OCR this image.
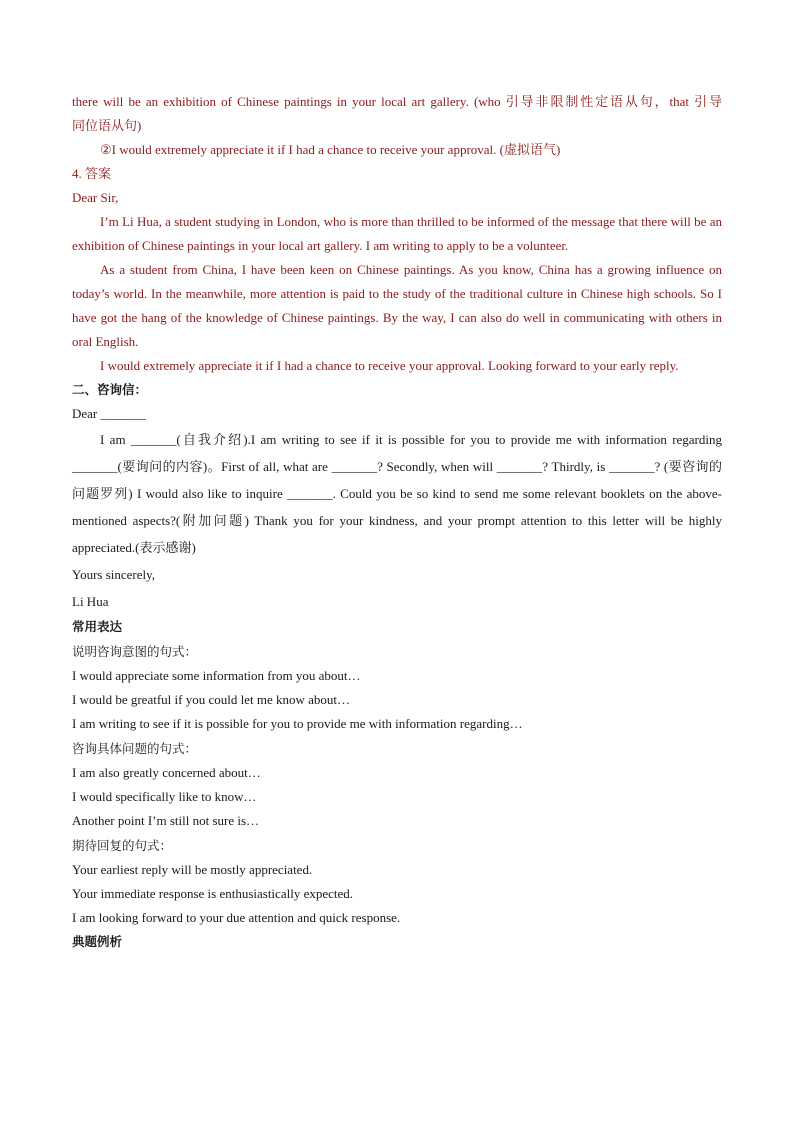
there will be an exhibition of Chinese paintings in your local art gallery. (who 引导非限制性定语从句，that 引导

同位语从句)

②I would extremely appreciate it if I had a chance to receive your approval. (虚拟语气)

4. 答案

Dear Sir,

I’m Li Hua, a student studying in London, who is more than thrilled to be informed of the message that there will be an exhibition of Chinese paintings in your local art gallery. I am writing to apply to be a volunteer.

As a student from China, I have been keen on Chinese paintings. As you know, China has a growing influence on today’s world. In the meanwhile, more attention is paid to the study of the traditional culture in Chinese high schools. So I have got the hang of the knowledge of Chinese paintings. By the way, I can also do well in communicating with others in oral English.

I would extremely appreciate it if I had a chance to receive your approval. Looking forward to your early reply.

二、咨询信：

Dear _______

I am _______(自我介绍).I am writing to see if it is possible for you to provide me with information regarding _______(要询问的内容)。First of all, what are _______? Secondly, when will _______? Thirdly, is _______? (要咨询的问题罗列) I would also like to inquire _______. Could you be so kind to send me some relevant booklets on the above-mentioned aspects?(附加问题) Thank you for your kindness, and your prompt attention to this letter will be highly appreciated.(表示感谢)

Yours sincerely,

Li Hua

常用表达

说明咨询意图的句式：

I would appreciate some information from you about…

I would be greatful if you could let me know about…

I am writing to see if it is possible for you to provide me with information regarding…

咨询具体问题的句式：

I am also greatly concerned about…

I would specifically like to know…

Another point I’m still not sure is…

期待回复的句式：

Your earliest reply will be mostly appreciated.

Your immediate response is enthusiastically expected.

I am looking forward to your due attention and quick response.

典题例析
